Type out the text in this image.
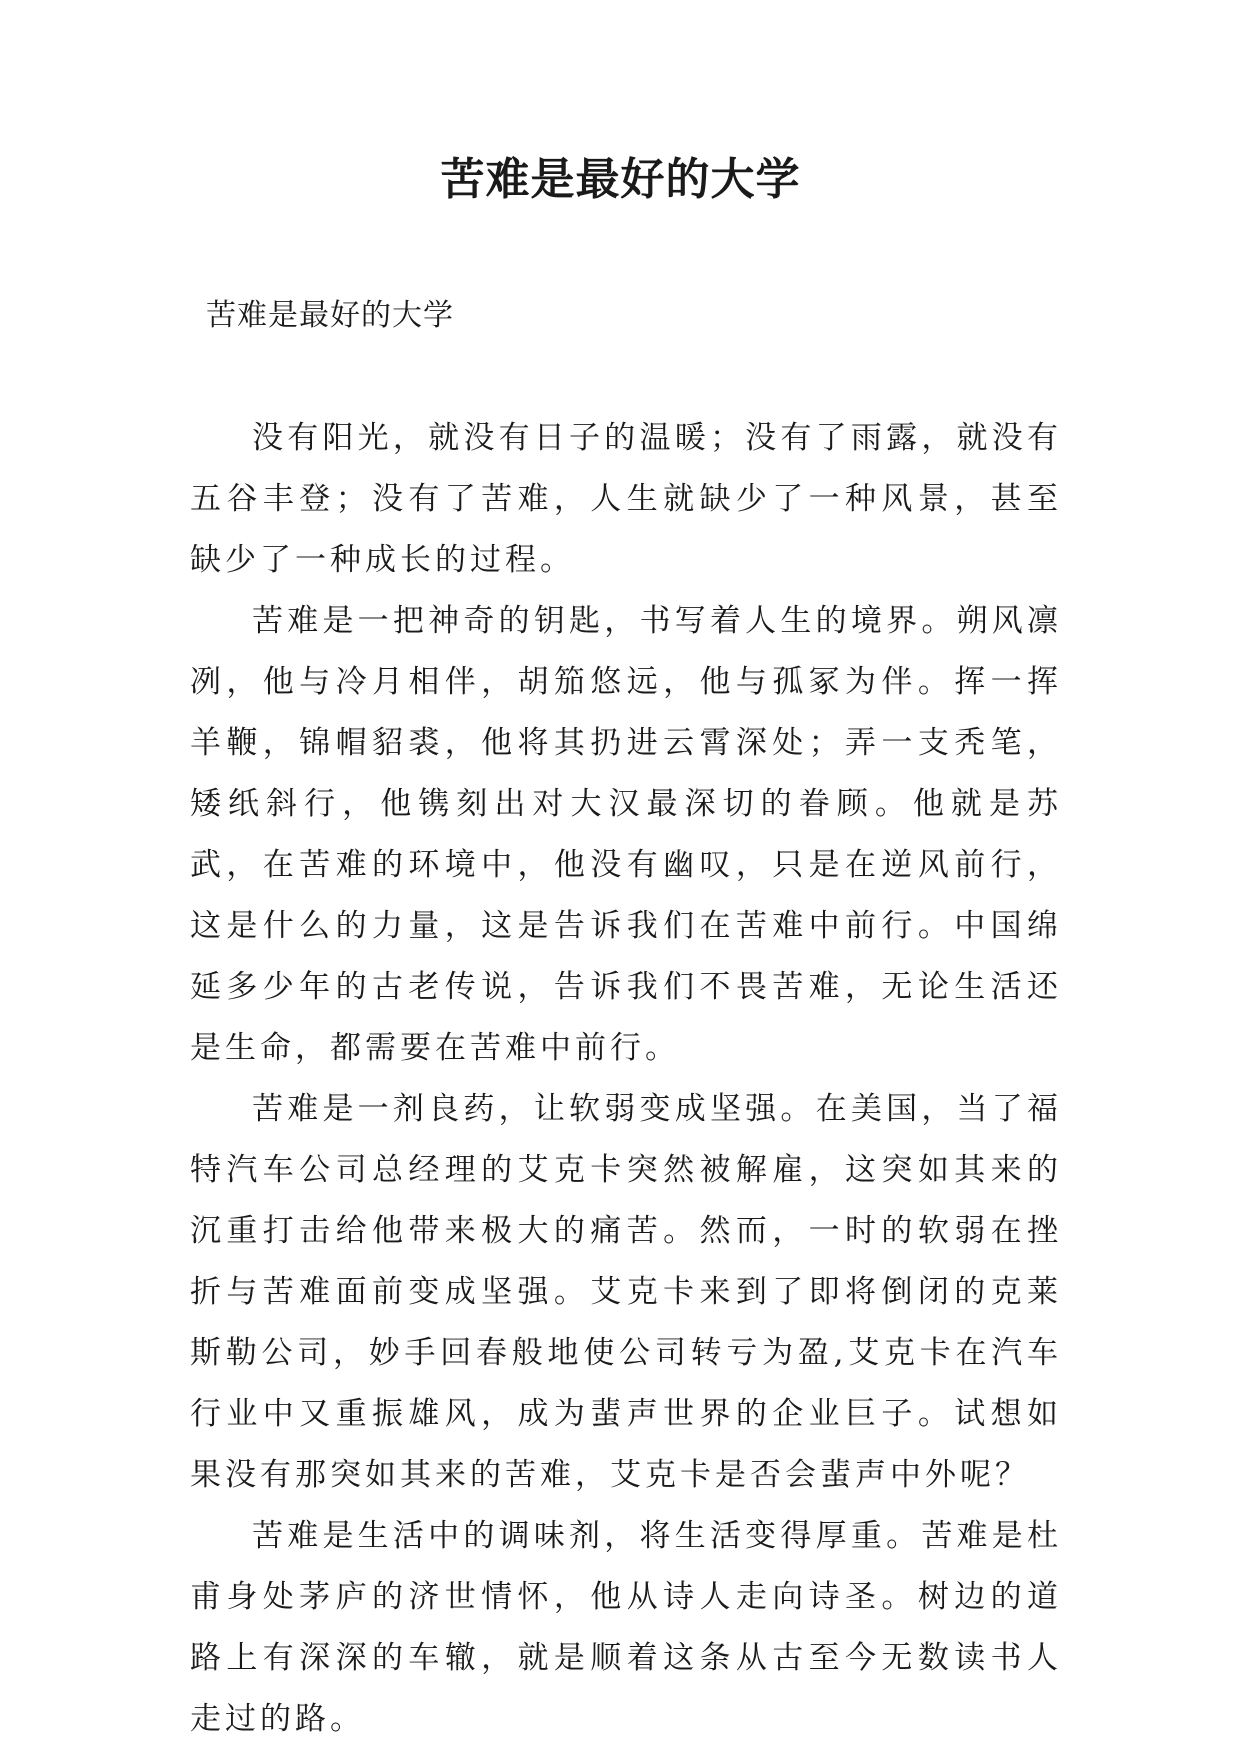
苦难是最好的大学
苦难是最好的大学

没有阳光，就没有日子的温暖；没有了雨露，就没有五谷丰登；没有了苦难，人生就缺少了一种风景，甚至缺少了一种成长的过程。

苦难是一把神奇的钥匙，书写着人生的境界。朔风凛冽，他与冷月相伴，胡笳悠远，他与孤冢为伴。挥一挥羊鞭，锦帽貂裘，他将其扔进云霄深处；弄一支秃笔，矮纸斜行，他镌刻出对大汉最深切的眷顾。他就是苏武，在苦难的环境中，他没有幽叹，只是在逆风前行，这是什么的力量，这是告诉我们在苦难中前行。中国绵延多少年的古老传说，告诉我们不畏苦难，无论生活还是生命，都需要在苦难中前行。

苦难是一剂良药，让软弱变成坚强。在美国，当了福特汽车公司总经理的艾克卡突然被解雇，这突如其来的沉重打击给他带来极大的痛苦。然而，一时的软弱在挫折与苦难面前变成坚强。艾克卡来到了即将倒闭的克莱斯勒公司，妙手回春般地使公司转亏为盈,艾克卡在汽车行业中又重振雄风，成为蜚声世界的企业巨子。试想如果没有那突如其来的苦难，艾克卡是否会蜚声中外呢？

苦难是生活中的调味剂，将生活变得厚重。苦难是杜甫身处茅庐的济世情怀，他从诗人走向诗圣。树边的道路上有深深的车辙，就是顺着这条从古至今无数读书人走过的路。
